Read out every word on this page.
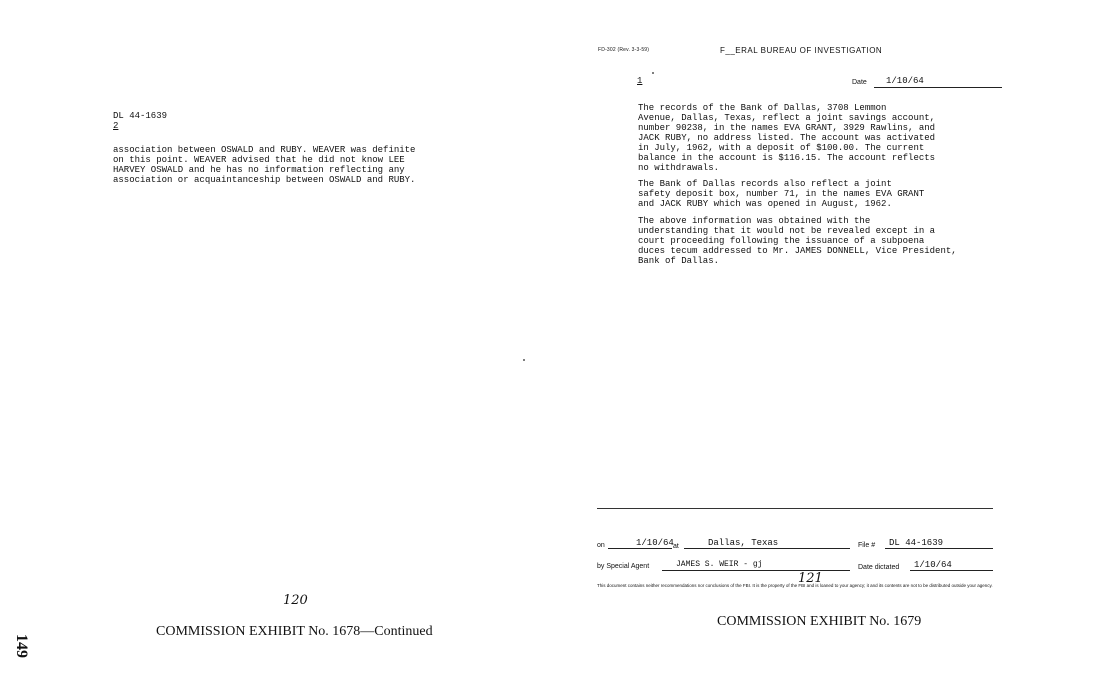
DL 44-1639
2
association between OSWALD and RUBY. WEAVER was definite
on this point. WEAVER advised that he did not know LEE
HARVEY OSWALD and he has no information reflecting any
association or acquaintanceship between OSWALD and RUBY.
120
COMMISSION EXHIBIT No. 1678—Continued
149
FD-302 (Rev. 3-3-59)	F__ERAL BUREAU OF INVESTIGATION
1	Date	1/10/64
The records of the Bank of Dallas, 3708 Lemmon
Avenue, Dallas, Texas, reflect a joint savings account,
number 90238, in the names EVA GRANT, 3929 Rawlins, and
JACK RUBY, no address listed. The account was activated
in July, 1962, with a deposit of $100.00. The current
balance in the account is $116.15. The account reflects
no withdrawals.
The Bank of Dallas records also reflect a joint
safety deposit box, number 71, in the names EVA GRANT
and JACK RUBY which was opened in August, 1962.
The above information was obtained with the
understanding that it would not be revealed except in a
court proceeding following the issuance of a subpoena
duces tecum addressed to Mr. JAMES DONNELL, Vice President,
Bank of Dallas.
on	1/10/64 at	Dallas, Texas	File #	DL 44-1639
by Special Agent	JAMES S. WEIR - gj	Date dictated	1/10/64
121
This document contains neither recommendations nor conclusions of the FBI. It is the property of the FBI and is loaned to your agency; it and its contents are not to be distributed outside your agency.
COMMISSION EXHIBIT No. 1679
